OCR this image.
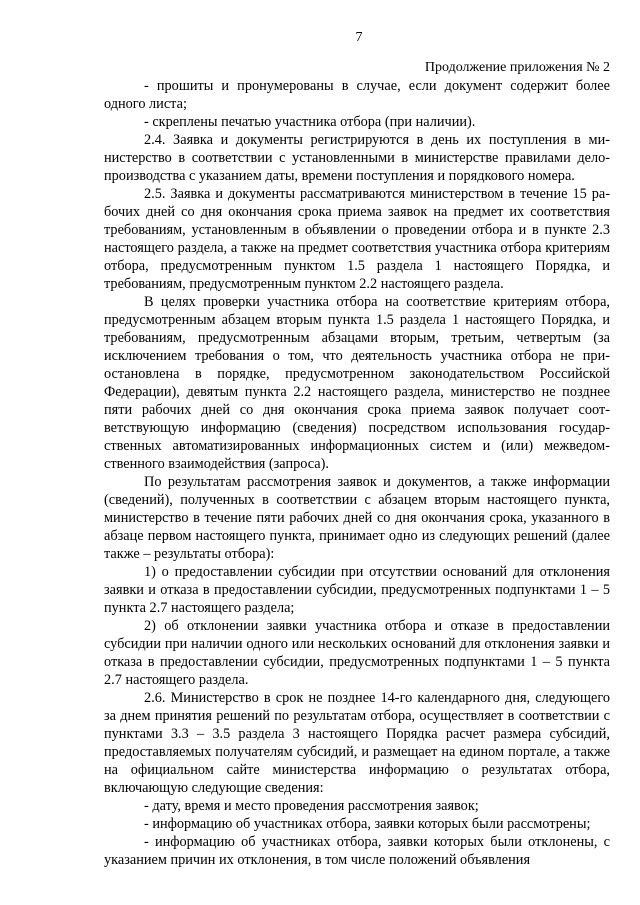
7
Продолжение приложения № 2

- прошиты и пронумерованы в случае, если документ содержит более одного листа;

- скреплены печатью участника отбора (при наличии).

2.4. Заявка и документы регистрируются в день их поступления в министерство в соответствии с установленными в министерстве правилами делопроизводства с указанием даты, времени поступления и порядкового номера.

2.5. Заявка и документы рассматриваются министерством в течение 15 рабочих дней со дня окончания срока приема заявок на предмет их соответствия требованиям, установленным в объявлении о проведении отбора и в пункте 2.3 настоящего раздела, а также на предмет соответствия участника отбора критериям отбора, предусмотренным пунктом 1.5 раздела 1 настоящего Порядка, и требованиям, предусмотренным пунктом 2.2 настоящего раздела.

В целях проверки участника отбора на соответствие критериям отбора, предусмотренным абзацем вторым пункта 1.5 раздела 1 настоящего Порядка, и требованиям, предусмотренным абзацами вторым, третьим, четвертым (за исключением требования о том, что деятельность участника отбора не приостановлена в порядке, предусмотренном законодательством Российской Федерации), девятым пункта 2.2 настоящего раздела, министерство не позднее пяти рабочих дней со дня окончания срока приема заявок получает соответствующую информацию (сведения) посредством использования государственных автоматизированных информационных систем и (или) межведомственного взаимодействия (запроса).

По результатам рассмотрения заявок и документов, а также информации (сведений), полученных в соответствии с абзацем вторым настоящего пункта, министерство в течение пяти рабочих дней со дня окончания срока, указанного в абзаце первом настоящего пункта, принимает одно из следующих решений (далее также – результаты отбора):

1) о предоставлении субсидии при отсутствии оснований для отклонения заявки и отказа в предоставлении субсидии, предусмотренных подпунктами 1 – 5 пункта 2.7 настоящего раздела;

2) об отклонении заявки участника отбора и отказе в предоставлении субсидии при наличии одного или нескольких оснований для отклонения заявки и отказа в предоставлении субсидии, предусмотренных подпунктами 1 – 5 пункта 2.7 настоящего раздела.

2.6. Министерство в срок не позднее 14-го календарного дня, следующего за днем принятия решений по результатам отбора, осуществляет в соответствии с пунктами 3.3 – 3.5 раздела 3 настоящего Порядка расчет размера субсидий, предоставляемых получателям субсидий, и размещает на едином портале, а также на официальном сайте министерства информацию о результатах отбора, включающую следующие сведения:

- дату, время и место проведения рассмотрения заявок;

- информацию об участниках отбора, заявки которых были рассмотрены;

- информацию об участниках отбора, заявки которых были отклонены, с указанием причин их отклонения, в том числе положений объявления
